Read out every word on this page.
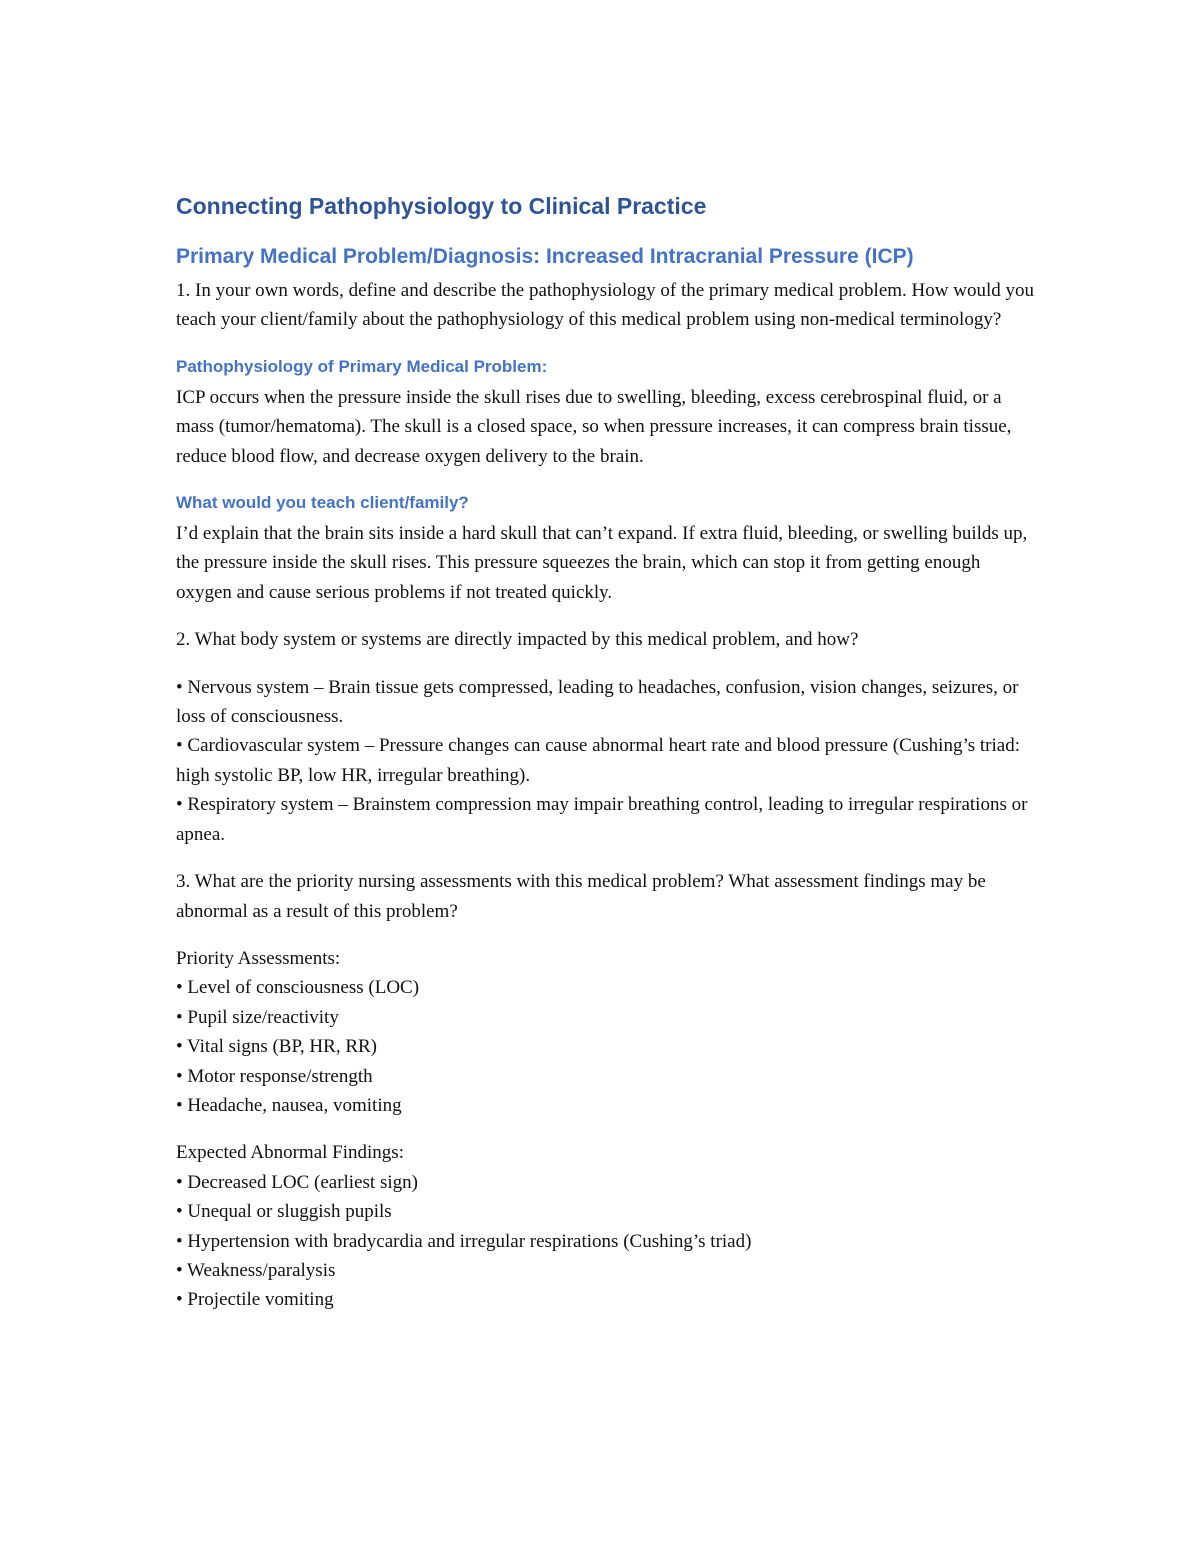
Connecting Pathophysiology to Clinical Practice
Primary Medical Problem/Diagnosis: Increased Intracranial Pressure (ICP)

1. In your own words, define and describe the pathophysiology of the primary medical problem. How would you teach your client/family about the pathophysiology of this medical problem using non-medical terminology?

Pathophysiology of Primary Medical Problem:

ICP occurs when the pressure inside the skull rises due to swelling, bleeding, excess cerebrospinal fluid, or a mass (tumor/hematoma). The skull is a closed space, so when pressure increases, it can compress brain tissue, reduce blood flow, and decrease oxygen delivery to the brain.

What would you teach client/family?

I’d explain that the brain sits inside a hard skull that can’t expand. If extra fluid, bleeding, or swelling builds up, the pressure inside the skull rises. This pressure squeezes the brain, which can stop it from getting enough oxygen and cause serious problems if not treated quickly.

2. What body system or systems are directly impacted by this medical problem, and how?

• Nervous system – Brain tissue gets compressed, leading to headaches, confusion, vision changes, seizures, or loss of consciousness.
• Cardiovascular system – Pressure changes can cause abnormal heart rate and blood pressure (Cushing’s triad: high systolic BP, low HR, irregular breathing).
• Respiratory system – Brainstem compression may impair breathing control, leading to irregular respirations or apnea.

3. What are the priority nursing assessments with this medical problem? What assessment findings may be abnormal as a result of this problem?

Priority Assessments:

• Level of consciousness (LOC)
• Pupil size/reactivity
• Vital signs (BP, HR, RR)
• Motor response/strength
• Headache, nausea, vomiting

Expected Abnormal Findings:

• Decreased LOC (earliest sign)
• Unequal or sluggish pupils
• Hypertension with bradycardia and irregular respirations (Cushing’s triad)
• Weakness/paralysis
• Projectile vomiting
